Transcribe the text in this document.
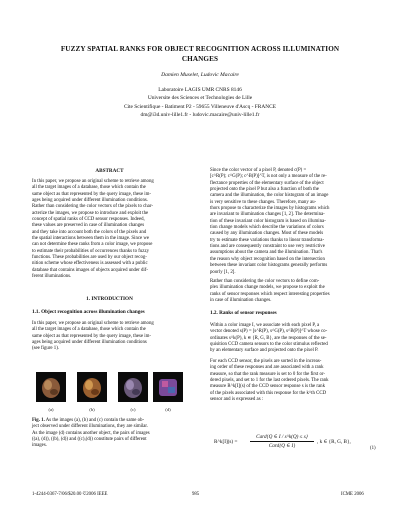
FUZZY SPATIAL RANKS FOR OBJECT RECOGNITION ACROSS ILLUMINATION
CHANGES
Damien Muselet, Ludovic Macaire
Laboratoire LAGIS UMR CNRS 8146
Universite des Sciences et Technologies de Lille
Cite Scientifique - Batiment P2 - 59655 Villeneuve d'Ascq - FRANCE
dm@i3d.univ-lille1.fr - ludovic.macaire@univ-lille1.fr
ABSTRACT
In this paper, we propose an original scheme to retrieve among
all the target images of a database, those which contain the
same object as that represented by the query image, these im-
ages being acquired under different illumination conditions.
Rather than considering the color vectors of the pixels to char-
acterize the images, we propose to introduce and exploit the
concept of spatial ranks of CCD sensor responses. Indeed,
these values are preserved in case of illumination changes
and they take into account both the colors of the pixels and
the spatial interactions between them in the image. Since we
can not determine these ranks from a color image, we propose
to estimate their probabilities of occurrences thanks to fuzzy
functions. These probabilities are used by our object recog-
nition scheme whose effectiveness is assessed with a public
database that contains images of objects acquired under dif-
ferent illuminations.
1. INTRODUCTION
1.1. Object recognition across illumination changes
In this paper, we propose an original scheme to retrieve among
all the target images of a database, those which contain the
same object as that represented by the query image, these im-
ages being acquired under different illumination conditions
(see figure 1).
(a)	(b)	(c)	(d)
Fig. 1. As the images (a), (b) and (c) contain the same ob-
ject observed under different illuminations, they are similar.
As the image (d) contains another object, the pairs of images
((a), (d)), ((b), (d)) and ((c),(d)) constitute pairs of different
images.
Since the color vector of a pixel P, denoted c(P) =
[c^R(P); c^G(P); c^B(P)]^T, is not only a measure of the re-
flectance properties of the elementary surface of the object
projected onto the pixel P but also a function of both the
camera and the illumination, the color histogram of an image
is very sensitive to these changes. Therefore, many au-
thors propose to characterize the images by histograms which
are invariant to illumination changes [1, 2]. The determina-
tion of these invariant color histogram is based on illumina-
tion change models which describe the variations of colors
caused by any illumination changes. Most of these models
try to estimate these variations thanks to linear transforma-
tions and are consequently constraint to use very restrictive
assumptions about the camera and the illumination. That's
the reason why object recognition based on the intersection
between these invariant color histograms generally performs
poorly [1, 2].
Rather than considering the color vectors to define com-
plex illumination change models, we propose to exploit the
ranks of sensor responses which respect interesting properties
in case of illumination changes.
1.2. Ranks of sensor responses
Within a color image I, we associate with each pixel P, a
vector denoted s(P) = [s^R(P), s^G(P), s^B(P)]^T whose co-
ordinates s^k(P), k ∈ {R, G, B}, are the responses of the se-
quisition CCD camera sensors to the color stimulus reflected
by an elementary surface and projected onto the pixel P.
For each CCD sensor, the pixels are sorted in the increas-
ing order of these responses and are associated with a rank
measure, so that the rank measure is set to 0 for the first or-
dered pixels, and set to 1 for the last ordered pixels. The rank
measure R^k[I](s) of the CCD sensor response s is the rank
of the pixels associated with this response for the k^th CCD
sensor and is expressed as :
R^k[I](s) =
Card{Q ∈ I / s^k(Q) ≤ s}
Card{Q ∈ I}
, k ∈ {R, G, B},
(1)
1-4244-0367-7/06/$20.00 ©2006 IEEE	985	ICME 2006
